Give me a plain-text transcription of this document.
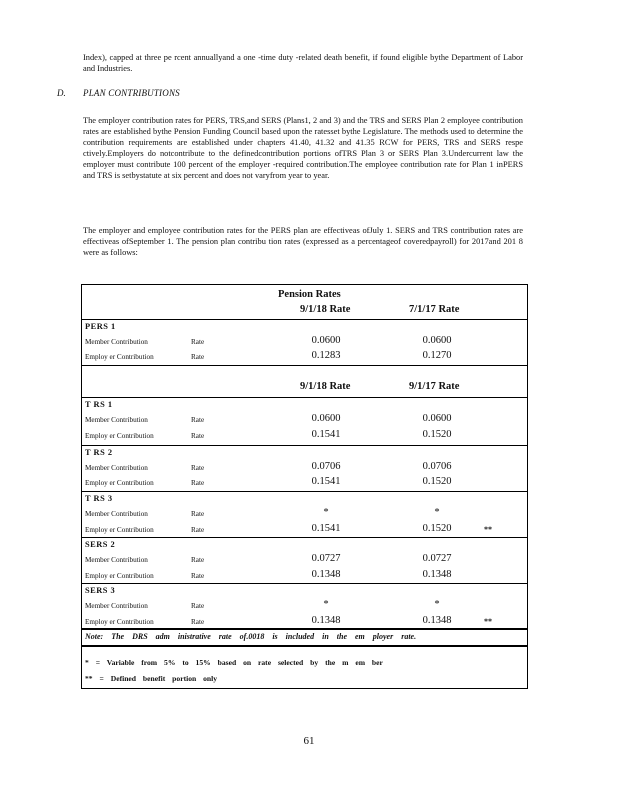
Index), capped at three pe rcent annuallyand a one -time duty -related death benefit, if found eligible bythe Department of Labor and Industries.
D. PLAN CONTRIBUTIONS
The employer contribution rates for PERS, TRS,and SERS (Plans1, 2 and 3) and the TRS and SERS Plan 2 employee contribution rates are established bythe Pension Funding Council based upon the ratesset bythe Legislature. The methods used to determine the contribution requirements are established under chapters 41.40, 41.32 and 41.35 RCW for PERS, TRS and SERS respe ctively.Employers do notcontribute to the definedcontribution portions ofTRS Plan 3 or SERS Plan 3.Undercurrent law the employer must contribute 100 percent of the employer -required contribution.The employee contribution rate for Plan 1 inPERS and TRS is setbystatute at six percent and does not varyfrom year to year.
The employer and employee contribution rates for the PERS plan are effectiveas ofJuly 1. SERS and TRS contribution rates are effectiveas ofSeptember 1. The pension plan contribu tion rates (expressed as a percentageof coveredpayroll) for 2017and 201 8 were as follows:
Pension Rates
9/1/18 Rate	7/1/17 Rate
PERS 1
Member Contribution	Rate	0.0600	0.0600
Employ er Contribution	Rate	0.1283	0.1270
9/1/18 Rate	9/1/17 Rate
T RS 1
Member Contribution	Rate	0.0600	0.0600
Employ er Contribution	Rate	0.1541	0.1520
T RS 2
Member Contribution	Rate	0.0706	0.0706
Employ er Contribution	Rate	0.1541	0.1520
T RS 3
Member Contribution	Rate	*	*
Employ er Contribution	Rate	0.1541	0.1520	**
SERS 2
Member Contribution	Rate	0.0727	0.0727
Employ er Contribution	Rate	0.1348	0.1348
SERS 3
Member Contribution	Rate	*	*
Employ er Contribution	Rate	0.1348	0.1348	**
Note: The DRS adm inistrative rate of.0018 is included in the em ployer rate.
* = Variable from 5% to 15% based on rate selected by the m em ber
** = Defined benefit portion only
61
